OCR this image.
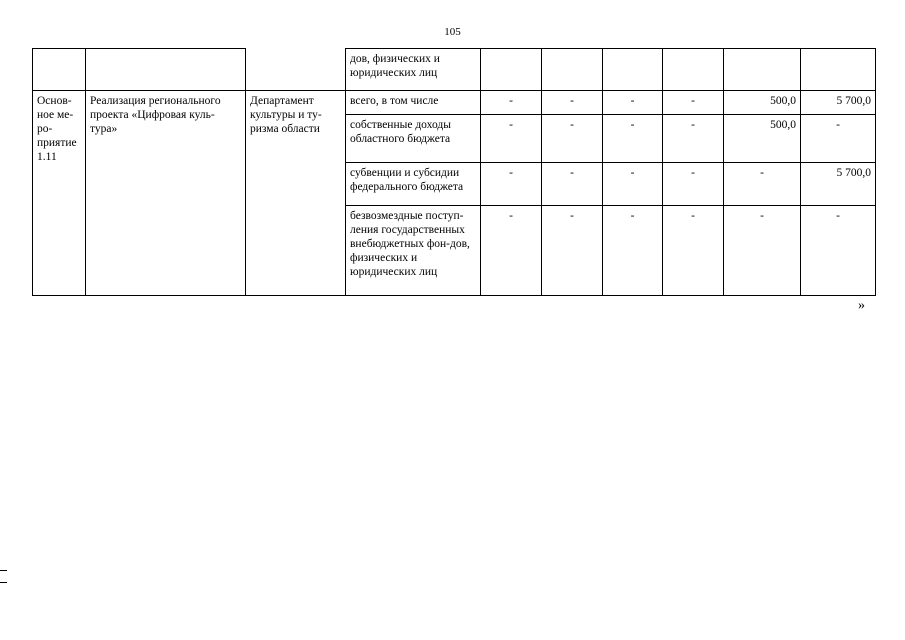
105
			дов, физических и юридических лиц						
Основ-ное ме-ро-приятие 1.11	Реализация регионального проекта «Цифровая куль-тура»	Департамент культуры и ту-ризма области	всего, в том числе	-	-	-	-	500,0	5 700,0
			собственные доходы областного бюджета	-	-	-	-	500,0	-
			субвенции и субсидии федерального бюджета	-	-	-	-	-	5 700,0
			безвозмездные поступ-ления государственных внебюджетных фон-дов, физических и юридических лиц	-	-	-	-	-	-
»
